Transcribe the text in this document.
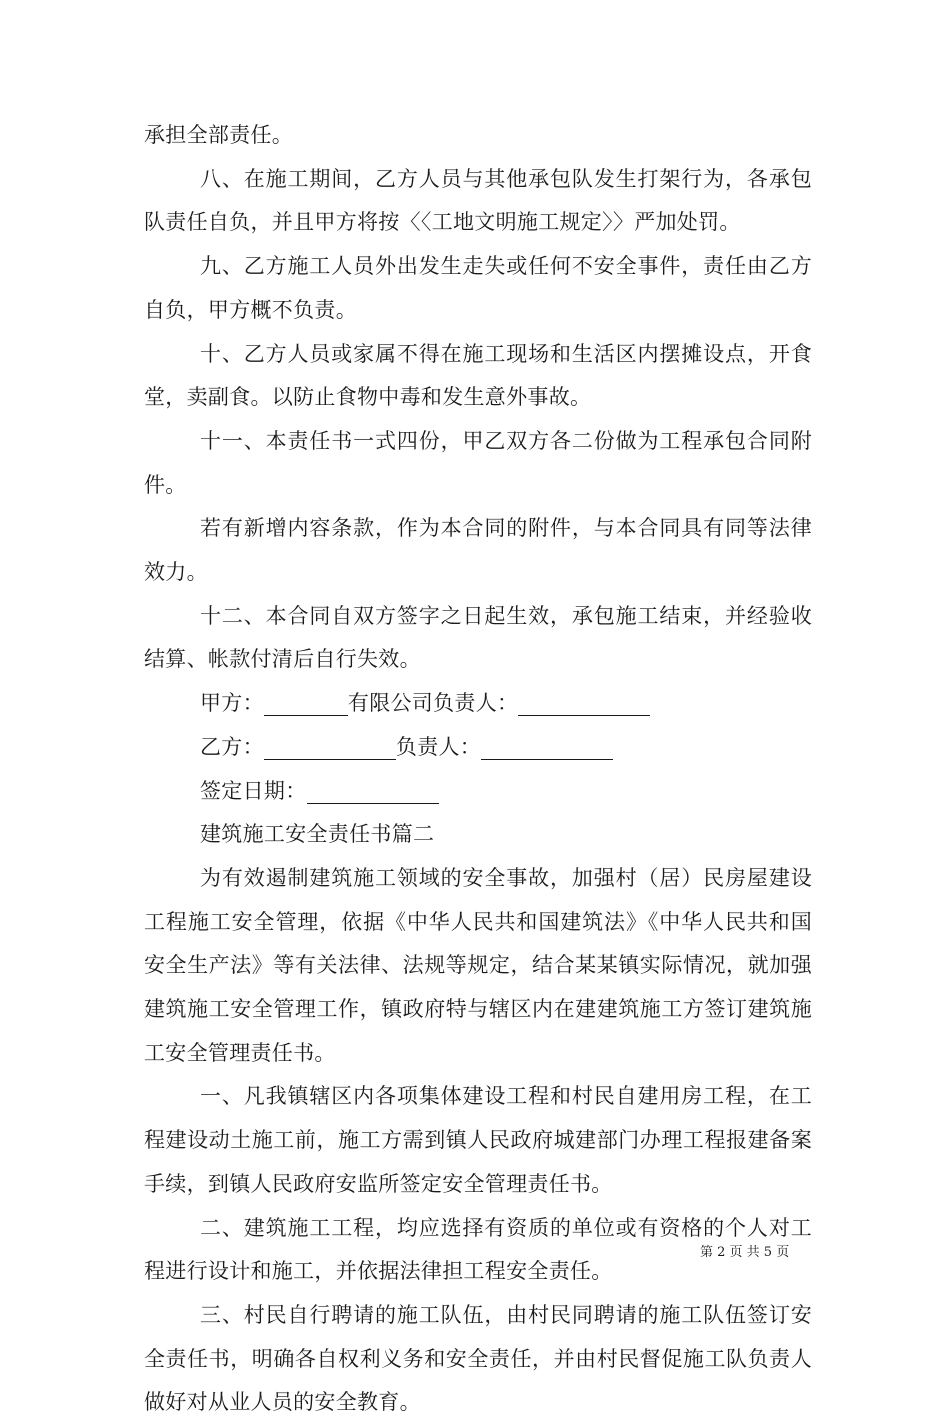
承担全部责任。

八、在施工期间，乙方人员与其他承包队发生打架行为，各承包队责任自负，并且甲方将按〈〈工地文明施工规定〉〉严加处罚。

九、乙方施工人员外出发生走失或任何不安全事件，责任由乙方自负，甲方概不负责。

十、乙方人员或家属不得在施工现场和生活区内摆摊设点，开食堂，卖副食。以防止食物中毒和发生意外事故。

十一、本责任书一式四份，甲乙双方各二份做为工程承包合同附件。

若有新增内容条款，作为本合同的附件，与本合同具有同等法律效力。

十二、本合同自双方签字之日起生效，承包施工结束，并经验收结算、帐款付清后自行失效。

甲方：	有限公司负责人：

乙方：	负责人：

签定日期：

建筑施工安全责任书篇二

为有效遏制建筑施工领域的安全事故，加强村（居）民房屋建设工程施工安全管理，依据《中华人民共和国建筑法》《中华人民共和国安全生产法》等有关法律、法规等规定，结合某某镇实际情况，就加强建筑施工安全管理工作，镇政府特与辖区内在建建筑施工方签订建筑施工安全管理责任书。

一、凡我镇辖区内各项集体建设工程和村民自建用房工程，在工程建设动土施工前，施工方需到镇人民政府城建部门办理工程报建备案手续，到镇人民政府安监所签定安全管理责任书。

二、建筑施工工程，均应选择有资质的单位或有资格的个人对工程进行设计和施工，并依据法律担工程安全责任。

三、村民自行聘请的施工队伍，由村民同聘请的施工队伍签订安全责任书，明确各自权利义务和安全责任，并由村民督促施工队负责人做好对从业人员的安全教育。

第 2 页 共 5 页
